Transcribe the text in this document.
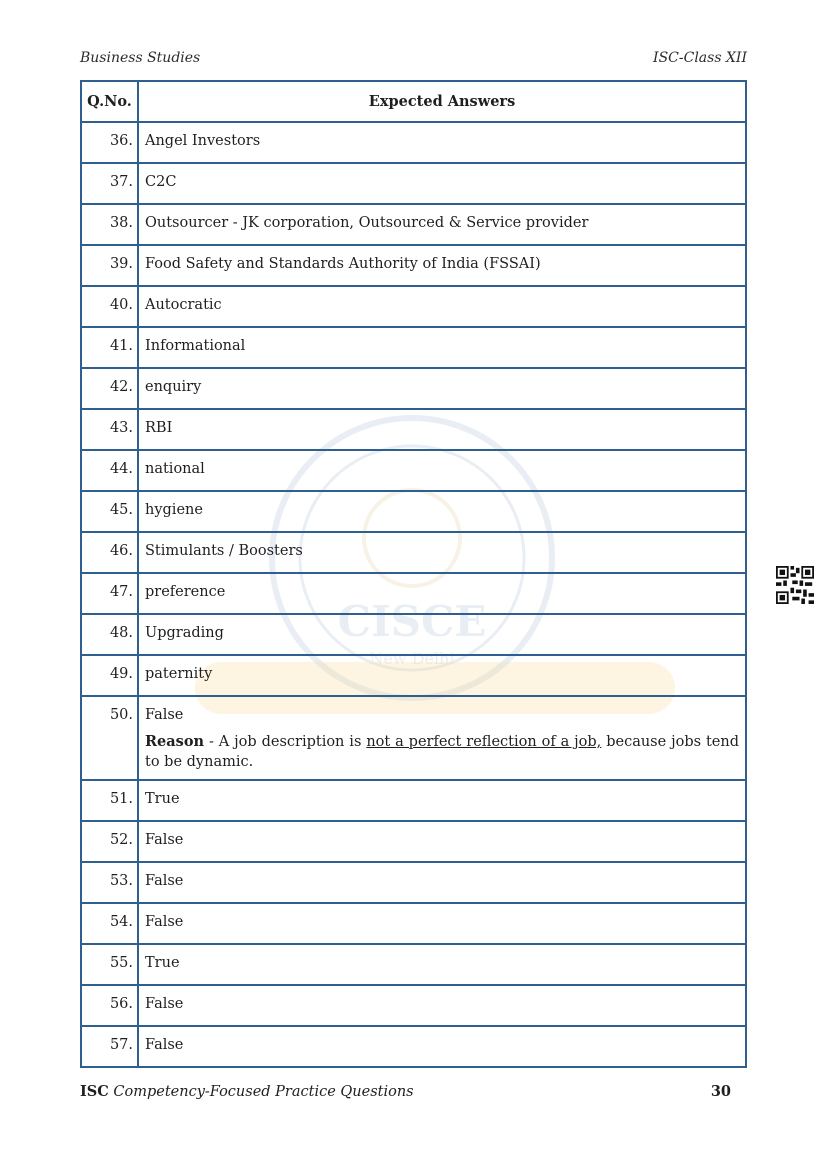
Business Studies	ISC-Class XII
CISCE
New Delhi
Q.No.	Expected Answers
36.	Angel Investors
37.	C2C
38.	Outsourcer - JK corporation, Outsourced & Service provider
39.	Food Safety and Standards Authority of India (FSSAI)
40.	Autocratic
41.	Informational
42.	enquiry
43.	RBI
44.	national
45.	hygiene
46.	Stimulants / Boosters
47.	preference
48.	Upgrading
49.	paternity
50.	False
Reason - A job description is not a perfect reflection of a job, because jobs tend to be dynamic.

51.	True
52.	False
53.	False
54.	False
55.	True
56.	False
57.	False
ISC Competency-Focused Practice Questions	30
